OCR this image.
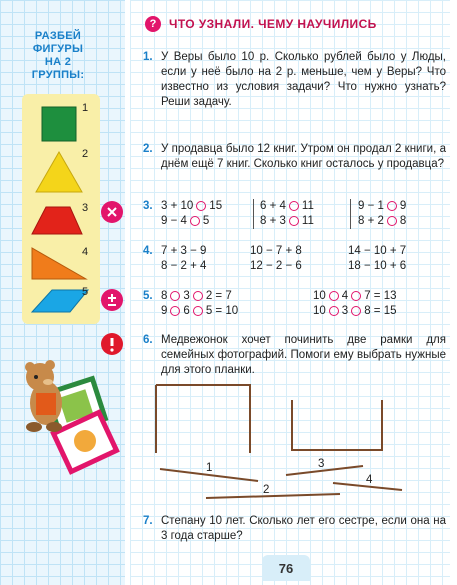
РАЗБЕЙ
ФИГУРЫ
НА 2
ГРУППЫ:
1
2
3
4
5
?	ЧТО УЗНАЛИ. ЧЕМУ НАУЧИЛИСЬ
1. У Веры было 10 р. Сколько рублей было у Люды, если у неё было на 2 р. меньше, чем у Веры? Что известно из условия задачи? Что нужно узнать? Реши задачу.
2. У продавца было 12 книг. Утром он продал 2 книги, а днём ещё 7 книг. Сколько книг осталось у продавца?
3. 3 + 10 15
9 − 4 5
6 + 4 11
8 + 3 11
9 − 1 9
8 + 2 8
4. 7 + 3 − 9
8 − 2 + 4
10 − 7 + 8
12 − 2 − 6
14 − 10 + 7
18 − 10 + 6
5. 8 3 2 = 7
9 6 5 = 10
10 4 7 = 13
10 3 8 = 15
6. Медвежонок хочет починить две рамки для семейных фотографий. Помоги ему выбрать нужные для этого планки.
1
2
3
4
7. Степану 10 лет. Сколько лет его сестре, если она на 3 года старше?
76
